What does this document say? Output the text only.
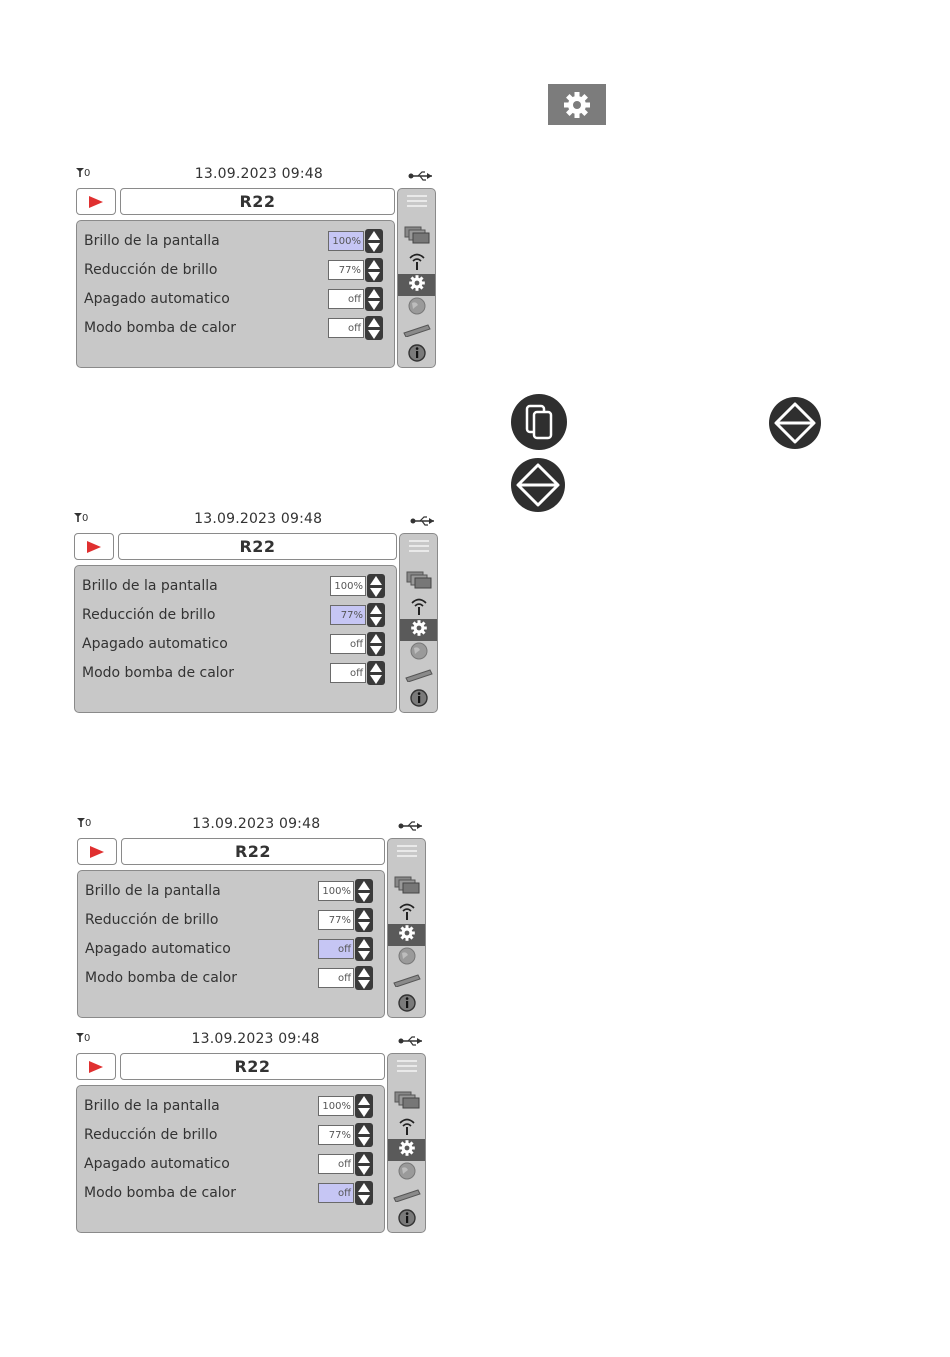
0	13.09.2023 09:48
R22
Brillo de la pantalla	100%
Reducción de brillo	77%
Apagado automatico	off
Modo bomba de calor	off
0	13.09.2023 09:48
R22
Brillo de la pantalla	100%
Reducción de brillo	77%
Apagado automatico	off
Modo bomba de calor	off
0	13.09.2023 09:48
R22
Brillo de la pantalla	100%
Reducción de brillo	77%
Apagado automatico	off
Modo bomba de calor	off
0	13.09.2023 09:48
R22
Brillo de la pantalla	100%
Reducción de brillo	77%
Apagado automatico	off
Modo bomba de calor	off
